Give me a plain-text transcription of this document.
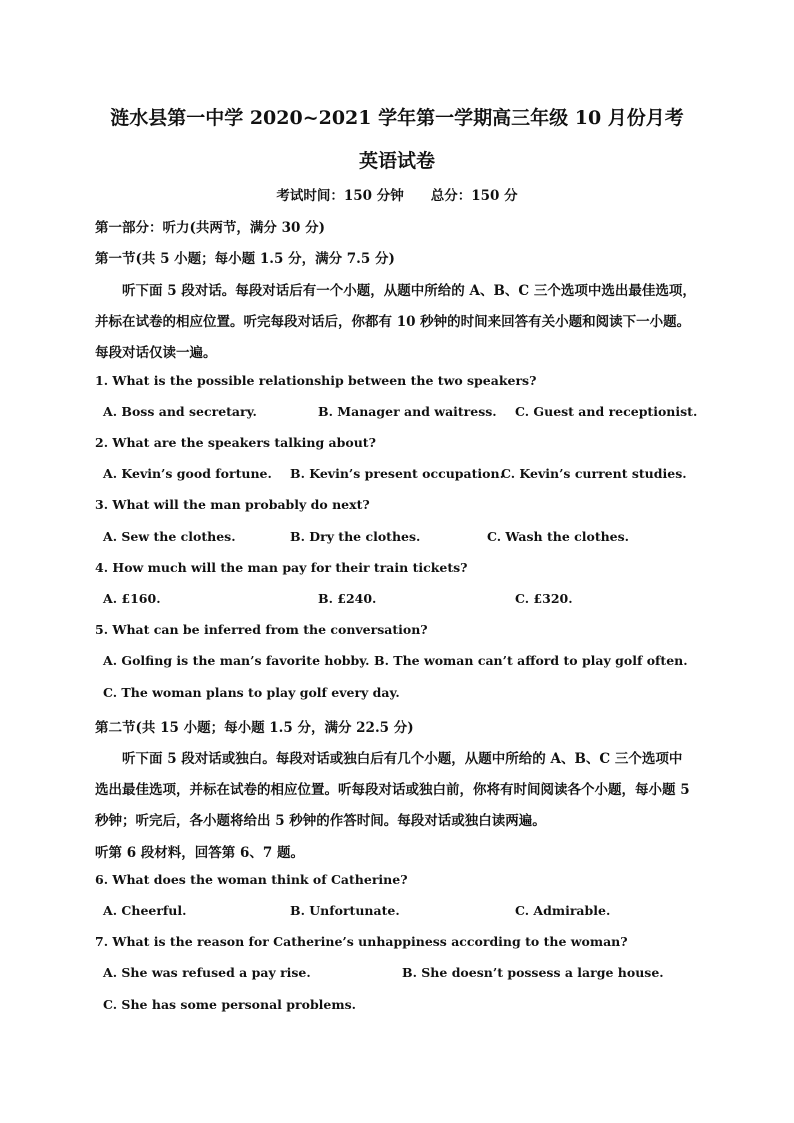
涟水县第一中学 2020~2021 学年第一学期高三年级 10 月份月考
英语试卷
考试时间：150 分钟　　总分：150 分
第一部分：听力(共两节，满分 30 分)
第一节(共 5 小题；每小题 1.5 分，满分 7.5 分)
听下面 5 段对话。每段对话后有一个小题，从题中所给的 A、B、C 三个选项中选出最佳选项，
并标在试卷的相应位置。听完每段对话后，你都有 10 秒钟的时间来回答有关小题和阅读下一小题。
每段对话仅读一遍。
1. What is the possible relationship between the two speakers?
A. Boss and secretary.	B. Manager and waitress. C. Guest and receptionist.
2. What are the speakers talking about?
A. Kevin’s good fortune. B. Kevin’s present occupation.
C. Kevin’s current studies.
3. What will the man probably do next?
A. Sew the clothes.	B. Dry the clothes.	C. Wash the clothes.
4. How much will the man pay for their train tickets?
A. £160.	B. £240.	C. £320.
5. What can be inferred from the conversation?
A. Golfing is the man’s favorite hobby. B. The woman can’t afford to play golf often.
C. The woman plans to play golf every day.
第二节(共 15 小题；每小题 1.5 分，满分 22.5 分)
听下面 5 段对话或独白。每段对话或独白后有几个小题，从题中所给的 A、B、C 三个选项中
选出最佳选项，并标在试卷的相应位置。听每段对话或独白前，你将有时间阅读各个小题，每小题 5
秒钟；听完后，各小题将给出 5 秒钟的作答时间。每段对话或独白读两遍。
听第 6 段材料，回答第 6、7 题。
6. What does the woman think of Catherine?
A. Cheerful.	B. Unfortunate.	C. Admirable.
7. What is the reason for Catherine’s unhappiness according to the woman?
A. She was refused a pay rise.	B. She doesn’t possess a large house.
C. She has some personal problems.
